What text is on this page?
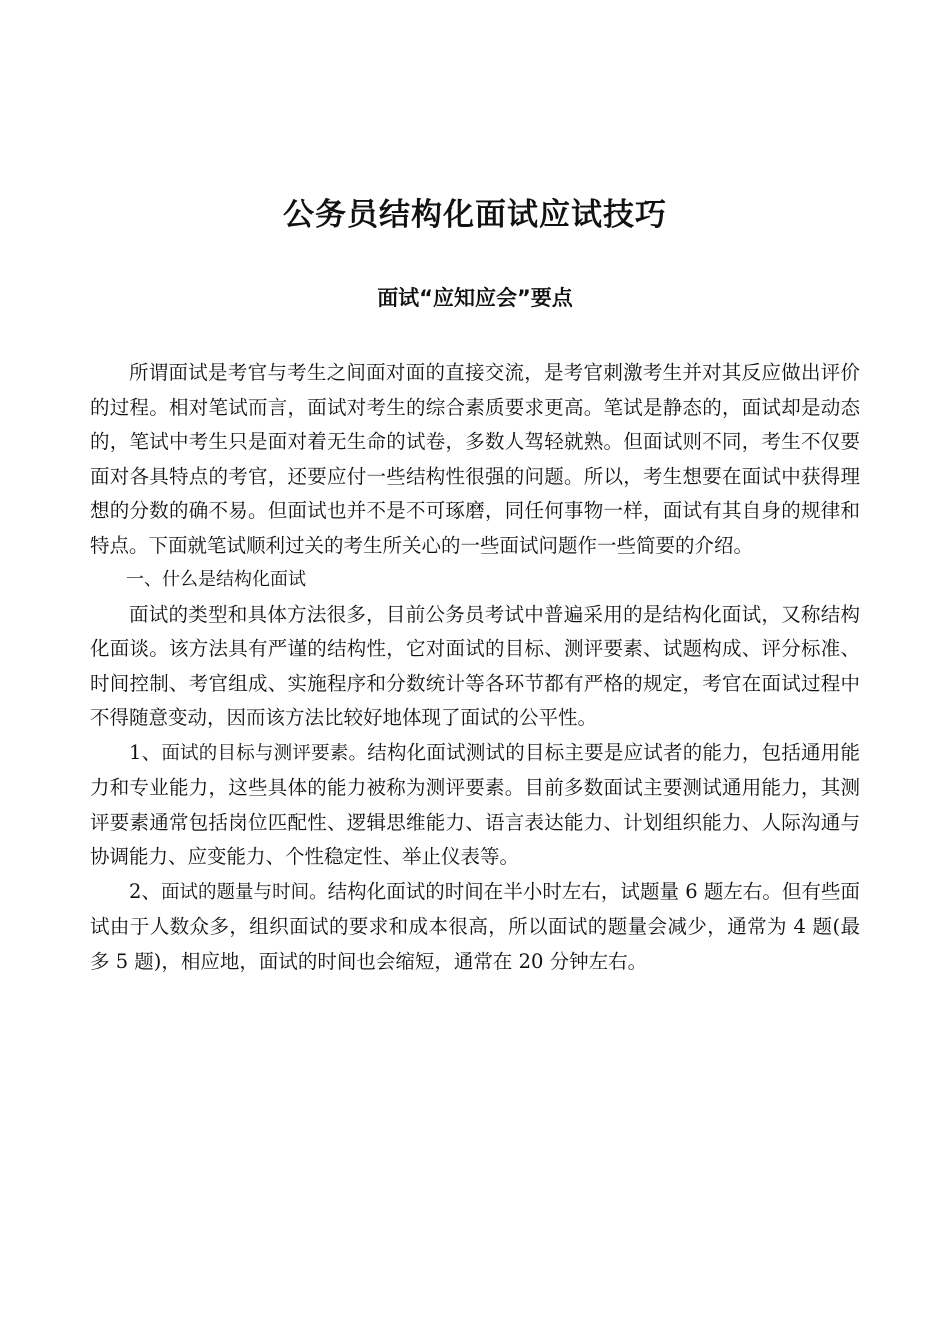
公务员结构化面试应试技巧
面试“应知应会”要点

所谓面试是考官与考生之间面对面的直接交流，是考官刺激考生并对其反应做出评价的过程。相对笔试而言，面试对考生的综合素质要求更高。笔试是静态的，面试却是动态的，笔试中考生只是面对着无生命的试卷，多数人驾轻就熟。但面试则不同，考生不仅要面对各具特点的考官，还要应付一些结构性很强的问题。所以，考生想要在面试中获得理想的分数的确不易。但面试也并不是不可琢磨，同任何事物一样，面试有其自身的规律和特点。下面就笔试顺利过关的考生所关心的一些面试问题作一些简要的介绍。

一、什么是结构化面试

面试的类型和具体方法很多，目前公务员考试中普遍采用的是结构化面试，又称结构化面谈。该方法具有严谨的结构性，它对面试的目标、测评要素、试题构成、评分标准、时间控制、考官组成、实施程序和分数统计等各环节都有严格的规定，考官在面试过程中不得随意变动，因而该方法比较好地体现了面试的公平性。

1、面试的目标与测评要素。结构化面试测试的目标主要是应试者的能力，包括通用能力和专业能力，这些具体的能力被称为测评要素。目前多数面试主要测试通用能力，其测评要素通常包括岗位匹配性、逻辑思维能力、语言表达能力、计划组织能力、人际沟通与协调能力、应变能力、个性稳定性、举止仪表等。

2、面试的题量与时间。结构化面试的时间在半小时左右，试题量 6 题左右。但有些面试由于人数众多，组织面试的要求和成本很高，所以面试的题量会减少，通常为 4 题(最多 5 题)，相应地，面试的时间也会缩短，通常在 20 分钟左右。
